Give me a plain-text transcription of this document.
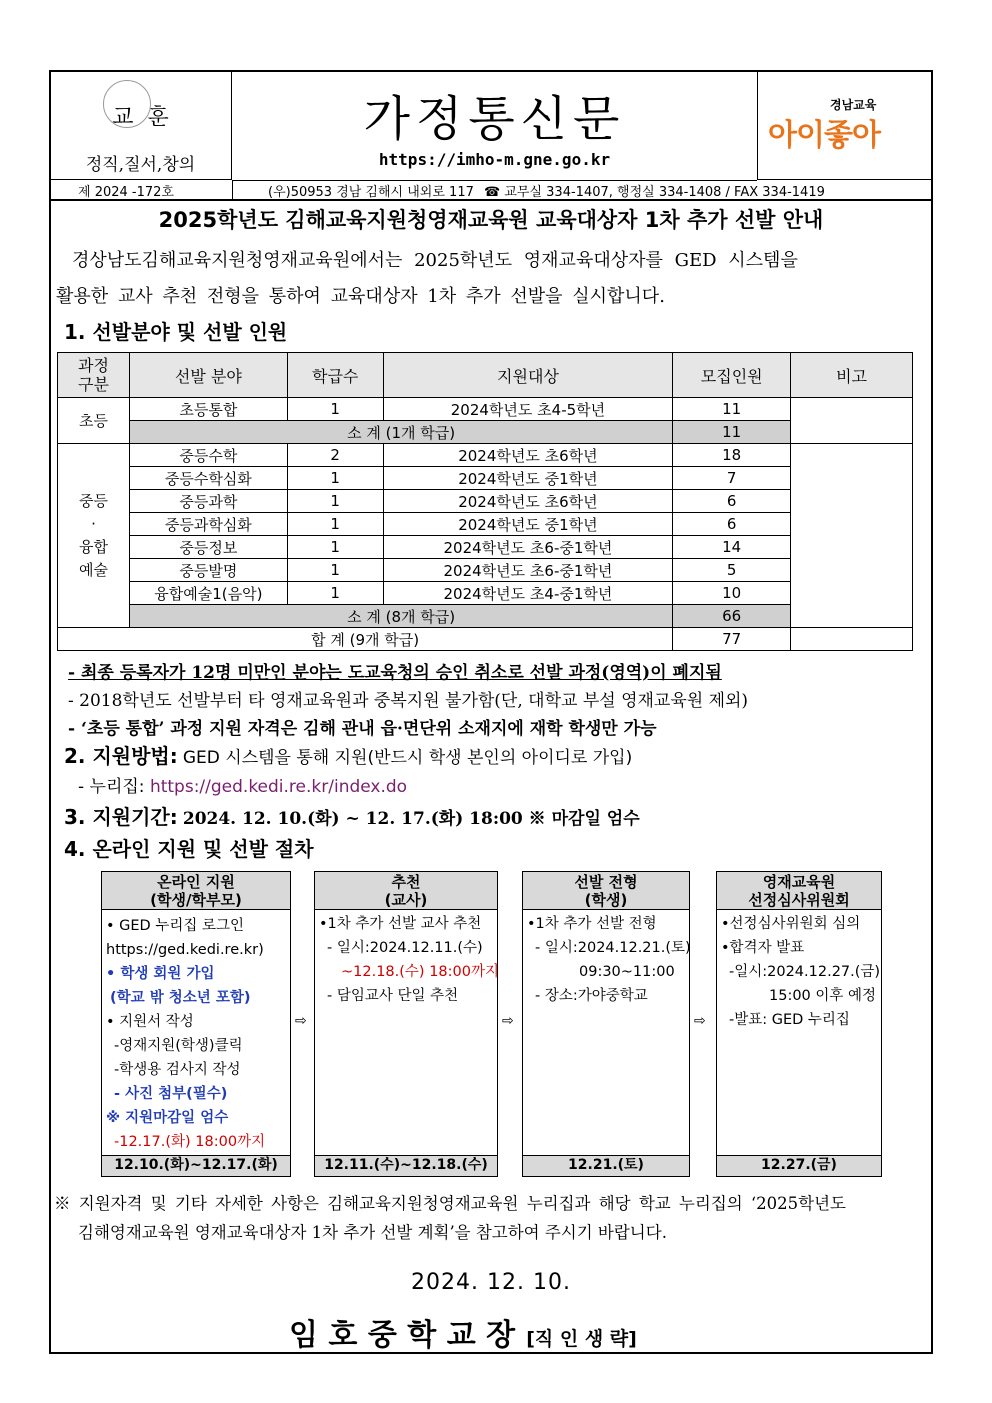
교  훈
정직,질서,창의
가정통신문
https://imho-m.gne.go.kr
경남교육
아이좋아
제 2024 -172호	(우)50953 경남 김해시 내외로 117 ☎ 교무실 334-1407, 행정실 334-1408 / FAX 334-1419
2025학년도 김해교육지원청영재교육원 교육대상자 1차 추가 선발 안내
경상남도김해교육지원청영재교육원에서는 2025학년도 영재교육대상자를 GED 시스템을
활용한 교사 추천 전형을 통하여 교육대상자 1차 추가 선발을 실시합니다.
1. 선발분야 및 선발 인원
과정
구분	선발 분야	학급수	지원대상	모집인원	비고
초등	초등통합	1	2024학년도 초4-5학년	11	
	소 계 (1개 학급)			11	

중등
·
융합
예술	중등수학	2	2024학년도 초6학년	18	
	중등수학심화	1	2024학년도 중1학년	7	
	중등과학	1	2024학년도 초6학년	6	
	중등과학심화	1	2024학년도 중1학년	6	
	중등정보	1	2024학년도 초6-중1학년	14	
	중등발명	1	2024학년도 초6-중1학년	5	
	융합예술1(음악)	1	2024학년도 초4-중1학년	10	
	소 계 (8개 학급)			66	
합 계 (9개 학급)				77	
- 최종 등록자가 12명 미만인 분야는 도교육청의 승인 취소로 선발 과정(영역)이 폐지됨
- 2018학년도 선발부터 타 영재교육원과 중복지원 불가함(단, 대학교 부설 영재교육원 제외)
- ‘초등 통합’ 과정 지원 자격은 김해 관내 읍·면단위 소재지에 재학 학생만 가능
2. 지원방법: GED 시스템을 통해 지원(반드시 학생 본인의 아이디로 가입)
- 누리집: https://ged.kedi.re.kr/index.do
3. 지원기간: 2024. 12. 10.(화) ~ 12. 17.(화) 18:00 ※ 마감일 엄수
4. 온라인 지원 및 선발 절차
온라인 지원
(학생/학부모)
• GED 누리집 로그인
https://ged.kedi.re.kr)
• 학생 회원 가입
(학교 밖 청소년 포함)
• 지원서 작성
-영재지원(학생)클릭
-학생용 검사지 작성
- 사진 첨부(필수)
※ 지원마감일 엄수
-12.17.(화) 18:00까지
12.10.(화)~12.17.(화)
⇨
추천
(교사)
•1차 추가 선발 교사 추천
- 일시:2024.12.11.(수)
~12.18.(수) 18:00까지
- 담임교사 단일 추천
12.11.(수)~12.18.(수)
⇨
선발 전형
(학생)
•1차 추가 선발 전형
- 일시:2024.12.21.(토)
09:30~11:00
- 장소:가야중학교
12.21.(토)
⇨
영재교육원
선정심사위원회
•선정심사위원회 심의
•합격자 발표
-일시:2024.12.27.(금)
15:00 이후 예정
-발표: GED 누리집
12.27.(금)
※ 지원자격 및 기타 자세한 사항은 김해교육지원청영재교육원 누리집과 해당 학교 누리집의 ‘2025학년도
김해영재교육원 영재교육대상자 1차 추가 선발 계획’을 참고하여 주시기 바랍니다.
2024. 12. 10.
임 호 중 학 교 장 [직 인 생 략]
